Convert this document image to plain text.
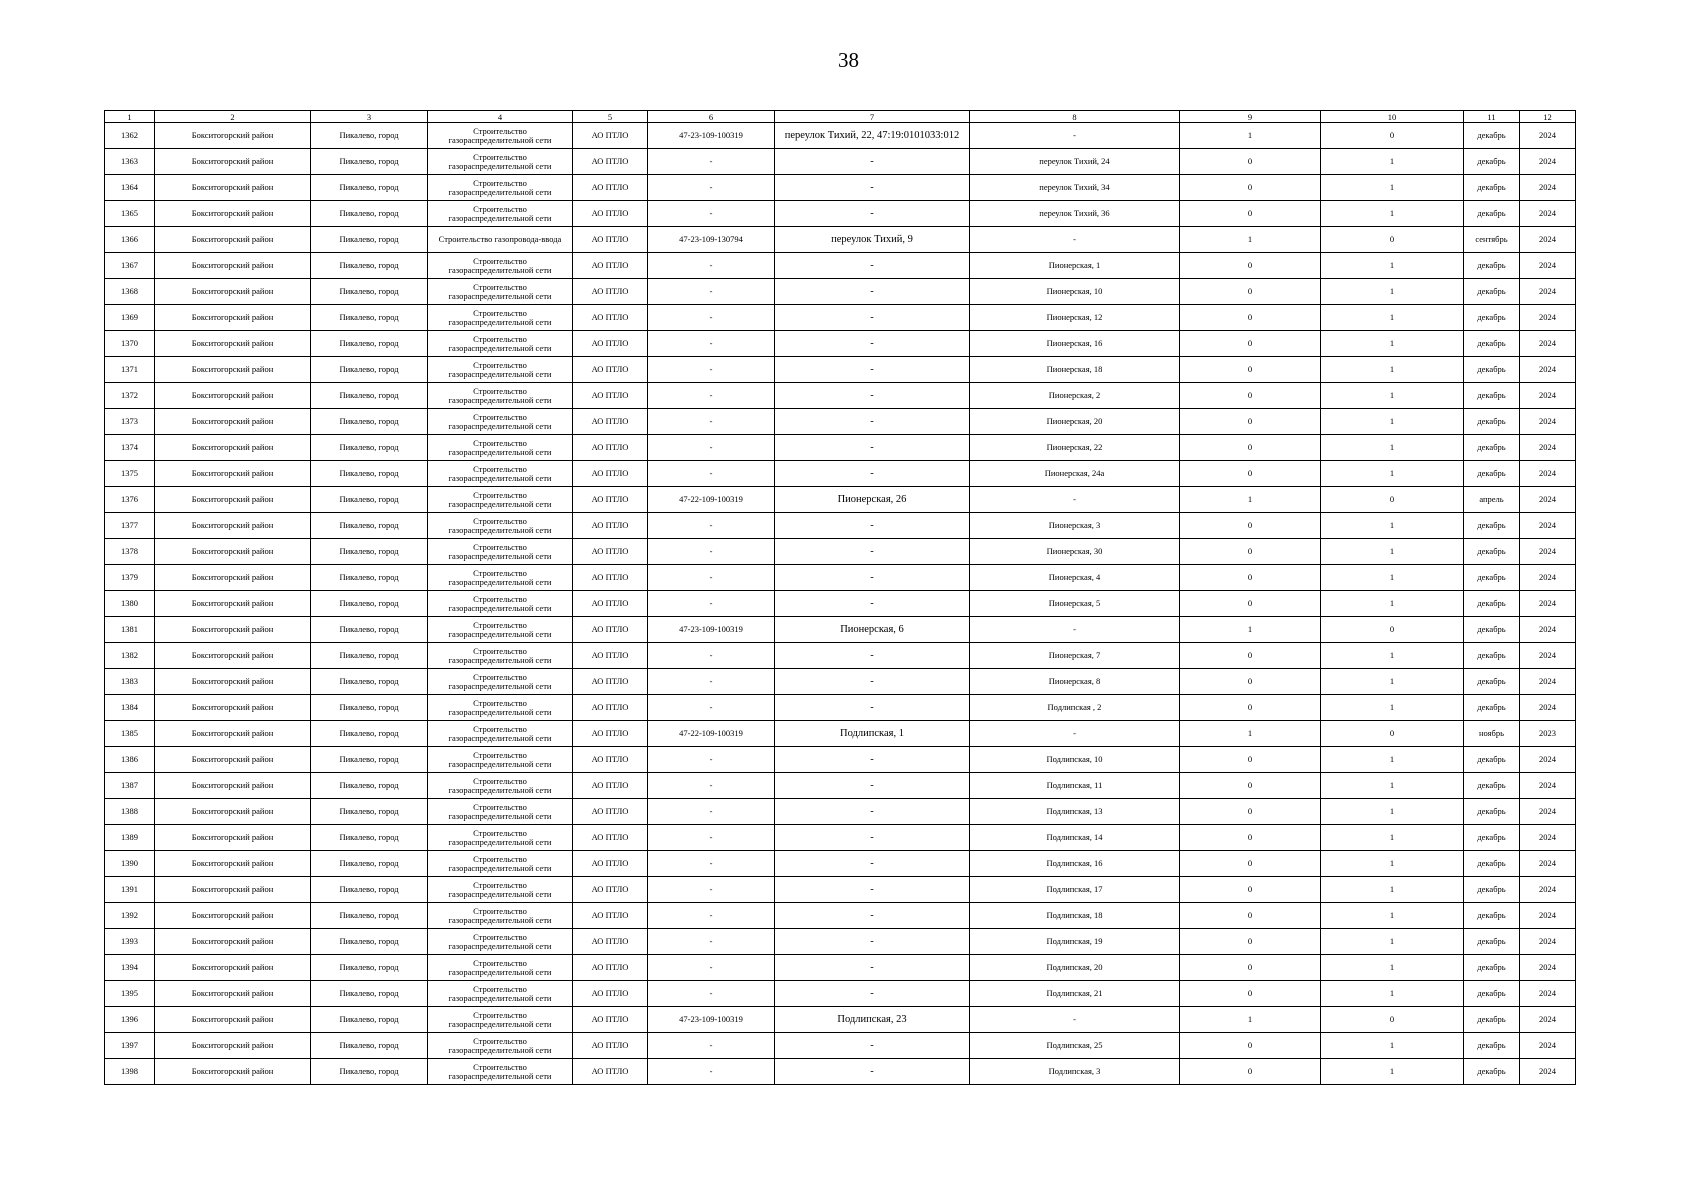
38
1	2	3	4	5	6	7	8	9	10	11	12
1362	Бокситогорский район	Пикалево, город	Строительство газораспределительной сети	АО ПТЛО	47-23-109-100319	переулок Тихий, 22, 47:19:0101033:012	-	1	0	декабрь	2024
1363	Бокситогорский район	Пикалево, город	Строительство газораспределительной сети	АО ПТЛО	-	-	переулок Тихий, 24	0	1	декабрь	2024
1364	Бокситогорский район	Пикалево, город	Строительство газораспределительной сети	АО ПТЛО	-	-	переулок Тихий, 34	0	1	декабрь	2024
1365	Бокситогорский район	Пикалево, город	Строительство газораспределительной сети	АО ПТЛО	-	-	переулок Тихий, 36	0	1	декабрь	2024
1366	Бокситогорский район	Пикалево, город	Строительство газопровода-ввода	АО ПТЛО	47-23-109-130794	переулок Тихий, 9	-	1	0	сентябрь	2024
1367	Бокситогорский район	Пикалево, город	Строительство газораспределительной сети	АО ПТЛО	-	-	Пионерская, 1	0	1	декабрь	2024
1368	Бокситогорский район	Пикалево, город	Строительство газораспределительной сети	АО ПТЛО	-	-	Пионерская, 10	0	1	декабрь	2024
1369	Бокситогорский район	Пикалево, город	Строительство газораспределительной сети	АО ПТЛО	-	-	Пионерская, 12	0	1	декабрь	2024
1370	Бокситогорский район	Пикалево, город	Строительство газораспределительной сети	АО ПТЛО	-	-	Пионерская, 16	0	1	декабрь	2024
1371	Бокситогорский район	Пикалево, город	Строительство газораспределительной сети	АО ПТЛО	-	-	Пионерская, 18	0	1	декабрь	2024
1372	Бокситогорский район	Пикалево, город	Строительство газораспределительной сети	АО ПТЛО	-	-	Пионерская, 2	0	1	декабрь	2024
1373	Бокситогорский район	Пикалево, город	Строительство газораспределительной сети	АО ПТЛО	-	-	Пионерская, 20	0	1	декабрь	2024
1374	Бокситогорский район	Пикалево, город	Строительство газораспределительной сети	АО ПТЛО	-	-	Пионерская, 22	0	1	декабрь	2024
1375	Бокситогорский район	Пикалево, город	Строительство газораспределительной сети	АО ПТЛО	-	-	Пионерская, 24а	0	1	декабрь	2024
1376	Бокситогорский район	Пикалево, город	Строительство газораспределительной сети	АО ПТЛО	47-22-109-100319	Пионерская, 26	-	1	0	апрель	2024
1377	Бокситогорский район	Пикалево, город	Строительство газораспределительной сети	АО ПТЛО	-	-	Пионерская, 3	0	1	декабрь	2024
1378	Бокситогорский район	Пикалево, город	Строительство газораспределительной сети	АО ПТЛО	-	-	Пионерская, 30	0	1	декабрь	2024
1379	Бокситогорский район	Пикалево, город	Строительство газораспределительной сети	АО ПТЛО	-	-	Пионерская, 4	0	1	декабрь	2024
1380	Бокситогорский район	Пикалево, город	Строительство газораспределительной сети	АО ПТЛО	-	-	Пионерская, 5	0	1	декабрь	2024
1381	Бокситогорский район	Пикалево, город	Строительство газораспределительной сети	АО ПТЛО	47-23-109-100319	Пионерская, 6	-	1	0	декабрь	2024
1382	Бокситогорский район	Пикалево, город	Строительство газораспределительной сети	АО ПТЛО	-	-	Пионерская, 7	0	1	декабрь	2024
1383	Бокситогорский район	Пикалево, город	Строительство газораспределительной сети	АО ПТЛО	-	-	Пионерская, 8	0	1	декабрь	2024
1384	Бокситогорский район	Пикалево, город	Строительство газораспределительной сети	АО ПТЛО	-	-	Подлипская , 2	0	1	декабрь	2024
1385	Бокситогорский район	Пикалево, город	Строительство газораспределительной сети	АО ПТЛО	47-22-109-100319	Подлипская, 1	-	1	0	ноябрь	2023
1386	Бокситогорский район	Пикалево, город	Строительство газораспределительной сети	АО ПТЛО	-	-	Подлипская, 10	0	1	декабрь	2024
1387	Бокситогорский район	Пикалево, город	Строительство газораспределительной сети	АО ПТЛО	-	-	Подлипская, 11	0	1	декабрь	2024
1388	Бокситогорский район	Пикалево, город	Строительство газораспределительной сети	АО ПТЛО	-	-	Подлипская, 13	0	1	декабрь	2024
1389	Бокситогорский район	Пикалево, город	Строительство газораспределительной сети	АО ПТЛО	-	-	Подлипская, 14	0	1	декабрь	2024
1390	Бокситогорский район	Пикалево, город	Строительство газораспределительной сети	АО ПТЛО	-	-	Подлипская, 16	0	1	декабрь	2024
1391	Бокситогорский район	Пикалево, город	Строительство газораспределительной сети	АО ПТЛО	-	-	Подлипская, 17	0	1	декабрь	2024
1392	Бокситогорский район	Пикалево, город	Строительство газораспределительной сети	АО ПТЛО	-	-	Подлипская, 18	0	1	декабрь	2024
1393	Бокситогорский район	Пикалево, город	Строительство газораспределительной сети	АО ПТЛО	-	-	Подлипская, 19	0	1	декабрь	2024
1394	Бокситогорский район	Пикалево, город	Строительство газораспределительной сети	АО ПТЛО	-	-	Подлипская, 20	0	1	декабрь	2024
1395	Бокситогорский район	Пикалево, город	Строительство газораспределительной сети	АО ПТЛО	-	-	Подлипская, 21	0	1	декабрь	2024
1396	Бокситогорский район	Пикалево, город	Строительство газораспределительной сети	АО ПТЛО	47-23-109-100319	Подлипская, 23	-	1	0	декабрь	2024
1397	Бокситогорский район	Пикалево, город	Строительство газораспределительной сети	АО ПТЛО	-	-	Подлипская, 25	0	1	декабрь	2024
1398	Бокситогорский район	Пикалево, город	Строительство газораспределительной сети	АО ПТЛО	-	-	Подлипская, 3	0	1	декабрь	2024
